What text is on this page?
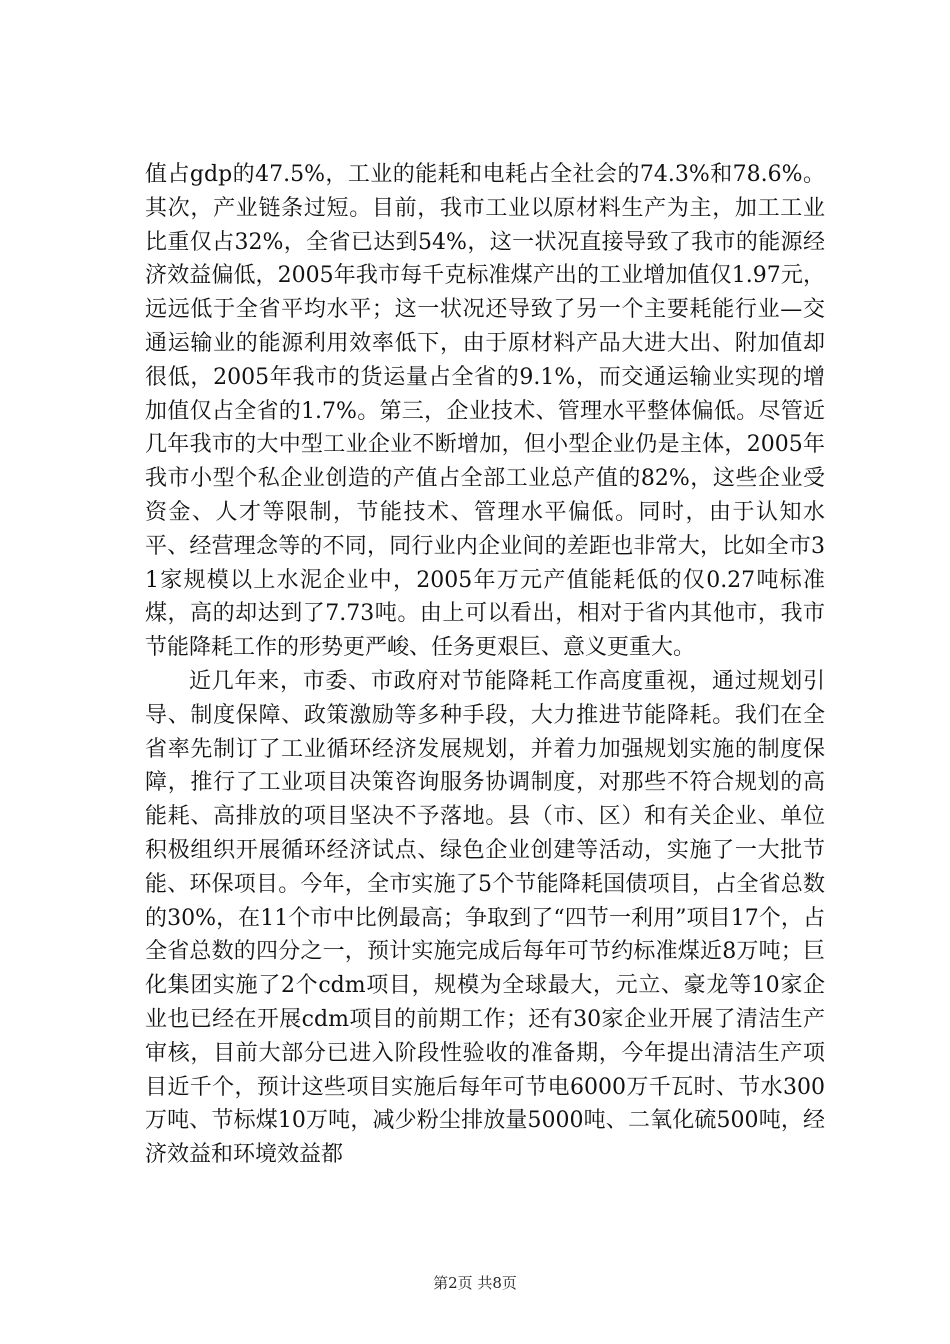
值占gdp的47.5%，工业的能耗和电耗占全社会的74.3%和78.6%。其次，产业链条过短。目前，我市工业以原材料生产为主，加工工业比重仅占32%，全省已达到54%，这一状况直接导致了我市的能源经济效益偏低，2005年我市每千克标准煤产出的工业增加值仅1.97元，远远低于全省平均水平；这一状况还导致了另一个主要耗能行业—交通运输业的能源利用效率低下，由于原材料产品大进大出、附加值却很低，2005年我市的货运量占全省的9.1%，而交通运输业实现的增加值仅占全省的1.7%。第三，企业技术、管理水平整体偏低。尽管近几年我市的大中型工业企业不断增加，但小型企业仍是主体，2005年我市小型个私企业创造的产值占全部工业总产值的82%，这些企业受资金、人才等限制，节能技术、管理水平偏低。同时，由于认知水平、经营理念等的不同，同行业内企业间的差距也非常大，比如全市31家规模以上水泥企业中，2005年万元产值能耗低的仅0.27吨标准煤，高的却达到了7.73吨。由上可以看出，相对于省内其他市，我市节能降耗工作的形势更严峻、任务更艰巨、意义更重大。

近几年来，市委、市政府对节能降耗工作高度重视，通过规划引导、制度保障、政策激励等多种手段，大力推进节能降耗。我们在全省率先制订了工业循环经济发展规划，并着力加强规划实施的制度保障，推行了工业项目决策咨询服务协调制度，对那些不符合规划的高能耗、高排放的项目坚决不予落地。县（市、区）和有关企业、单位积极组织开展循环经济试点、绿色企业创建等活动，实施了一大批节能、环保项目。今年，全市实施了5个节能降耗国债项目，占全省总数的30%，在11个市中比例最高；争取到了“四节一利用”项目17个，占全省总数的四分之一，预计实施完成后每年可节约标准煤近8万吨；巨化集团实施了2个cdm项目，规模为全球最大，元立、豪龙等10家企业也已经在开展cdm项目的前期工作；还有30家企业开展了清洁生产审核，目前大部分已进入阶段性验收的准备期，今年提出清洁生产项目近千个，预计这些项目实施后每年可节电6000万千瓦时、节水300万吨、节标煤10万吨，减少粉尘排放量5000吨、二氧化硫500吨，经济效益和环境效益都

第2页 共8页
